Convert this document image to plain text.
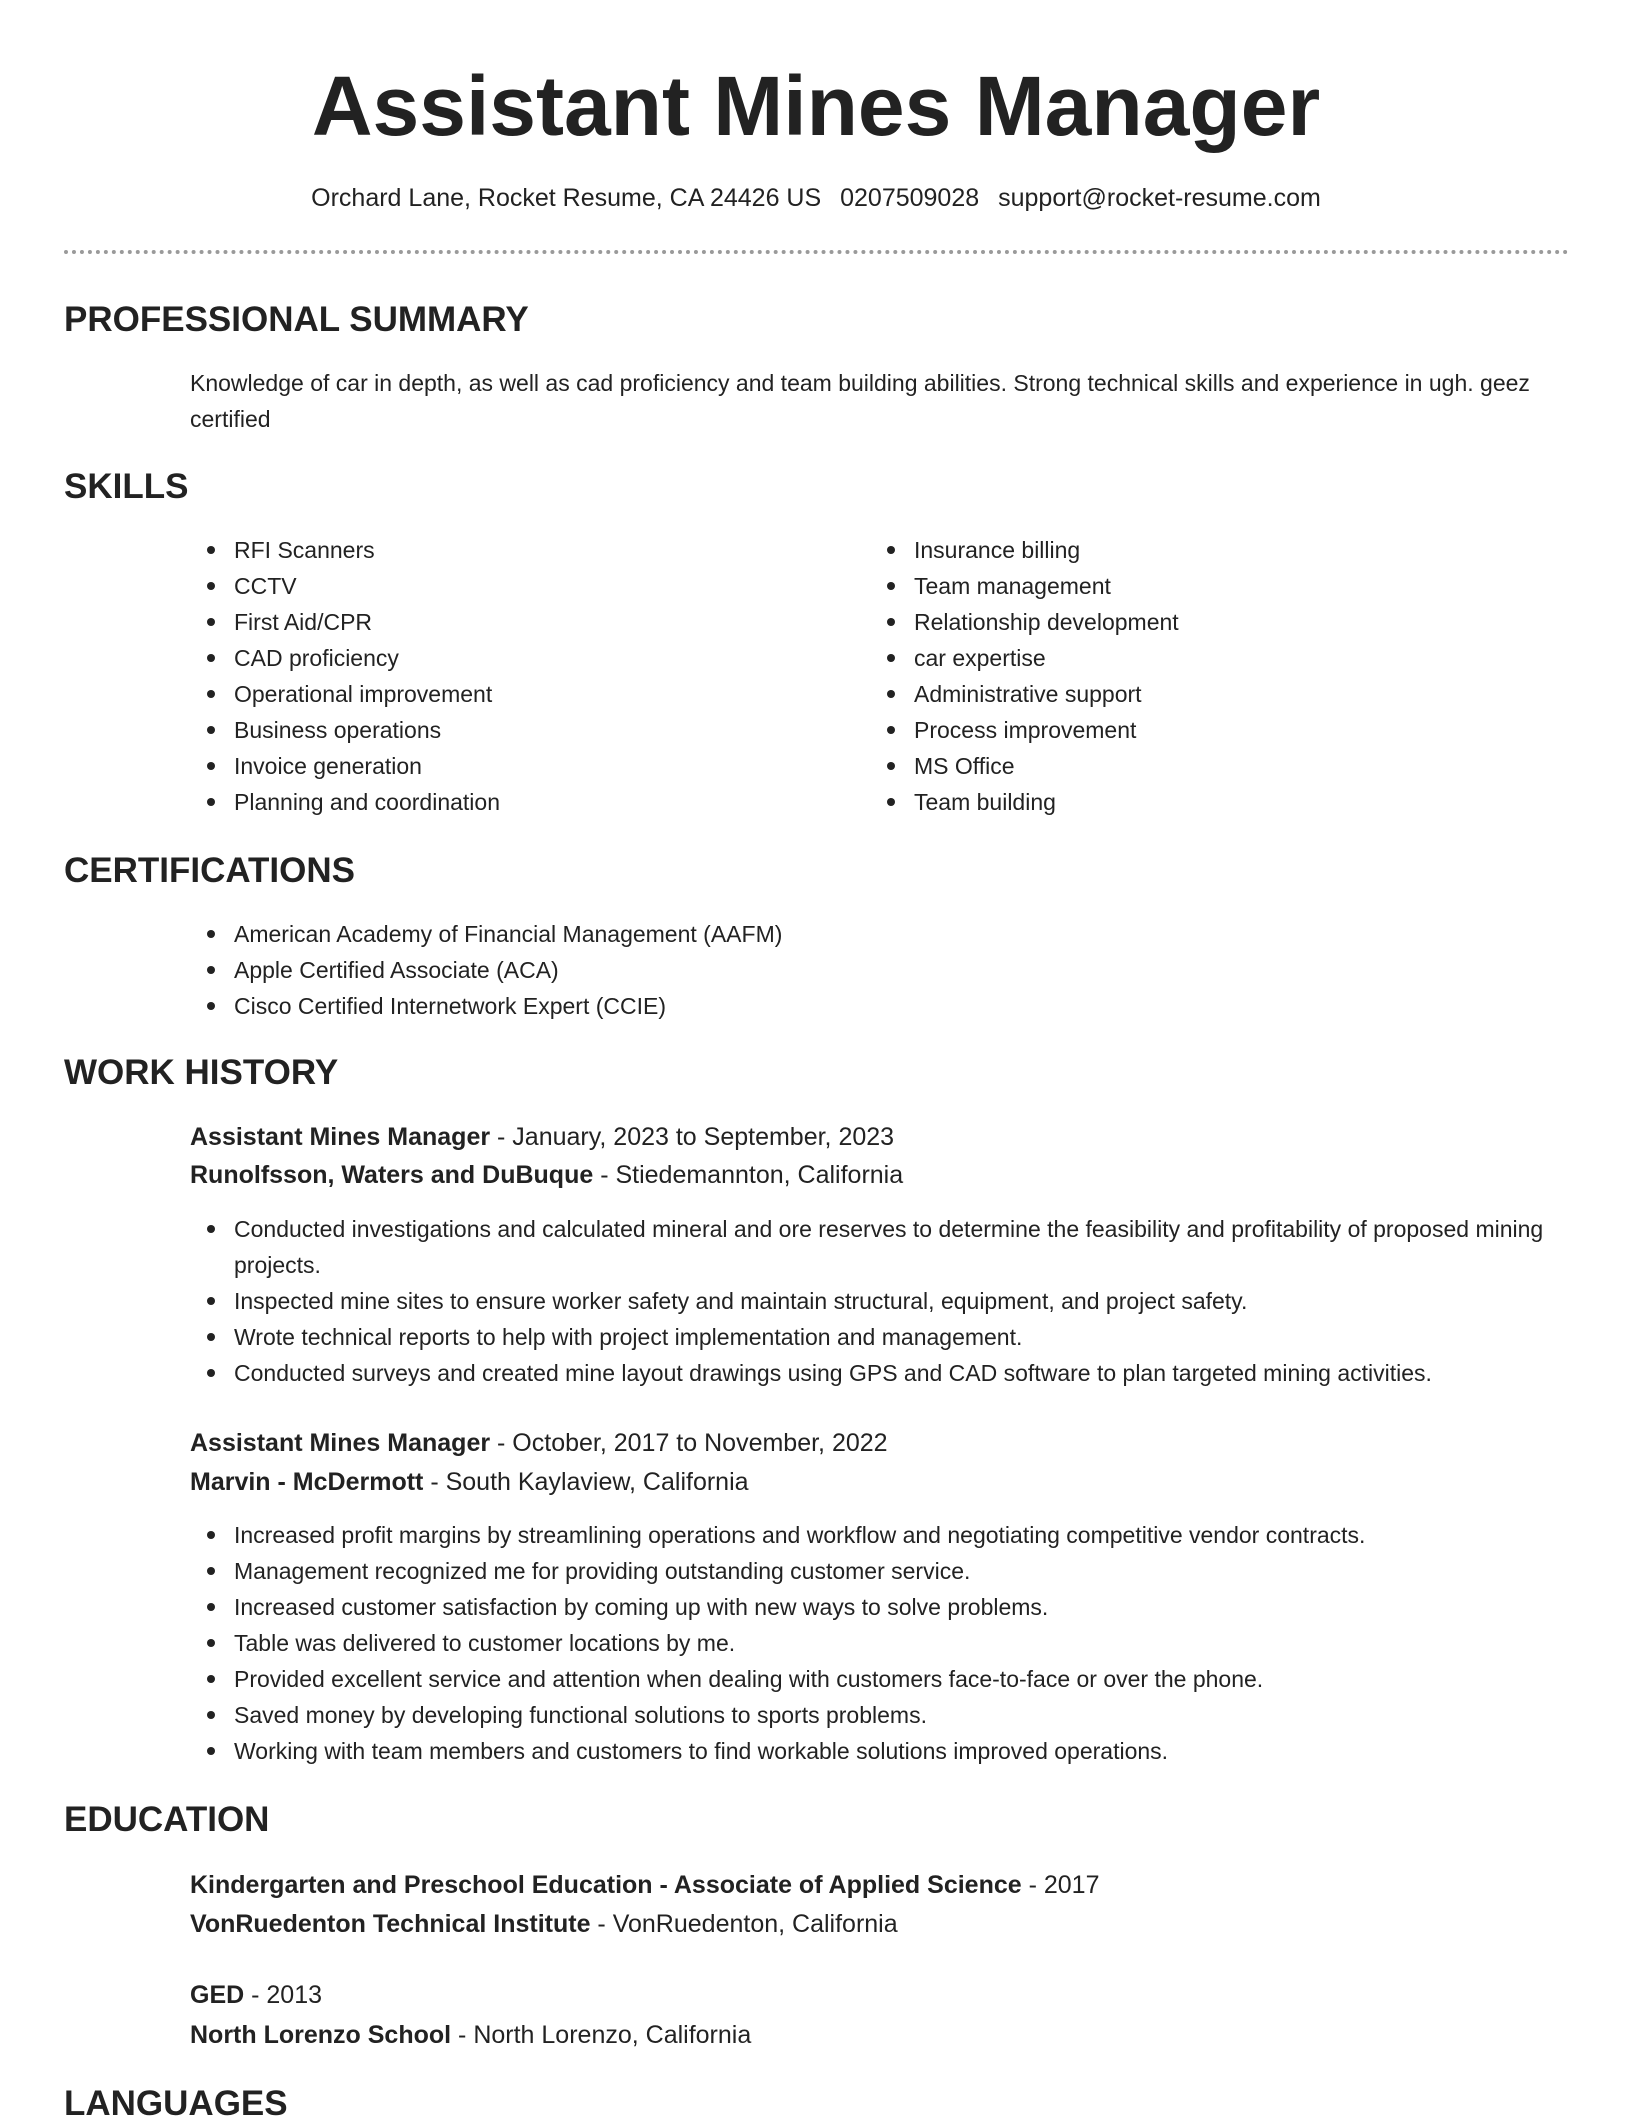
Assistant Mines Manager
Orchard Lane, Rocket Resume, CA 24426 US 0207509028 support@rocket-resume.com
PROFESSIONAL SUMMARY
Knowledge of car in depth, as well as cad proficiency and team building abilities. Strong technical skills and experience in ugh. geez certified
SKILLS
RFI Scanners
CCTV
First Aid/CPR
CAD proficiency
Operational improvement
Business operations
Invoice generation
Planning and coordination
Insurance billing
Team management
Relationship development
car expertise
Administrative support
Process improvement
MS Office
Team building
CERTIFICATIONS
American Academy of Financial Management (AAFM)
Apple Certified Associate (ACA)
Cisco Certified Internetwork Expert (CCIE)
WORK HISTORY
Assistant Mines Manager - January, 2023 to September, 2023
Runolfsson, Waters and DuBuque - Stiedemannton, California
Conducted investigations and calculated mineral and ore reserves to determine the feasibility and profitability of proposed mining projects.
Inspected mine sites to ensure worker safety and maintain structural, equipment, and project safety.
Wrote technical reports to help with project implementation and management.
Conducted surveys and created mine layout drawings using GPS and CAD software to plan targeted mining activities.
Assistant Mines Manager - October, 2017 to November, 2022
Marvin - McDermott - South Kaylaview, California
Increased profit margins by streamlining operations and workflow and negotiating competitive vendor contracts.
Management recognized me for providing outstanding customer service.
Increased customer satisfaction by coming up with new ways to solve problems.
Table was delivered to customer locations by me.
Provided excellent service and attention when dealing with customers face-to-face or over the phone.
Saved money by developing functional solutions to sports problems.
Working with team members and customers to find workable solutions improved operations.
EDUCATION
Kindergarten and Preschool Education - Associate of Applied Science - 2017
VonRuedenton Technical Institute - VonRuedenton, California
GED - 2013
North Lorenzo School - North Lorenzo, California
LANGUAGES
